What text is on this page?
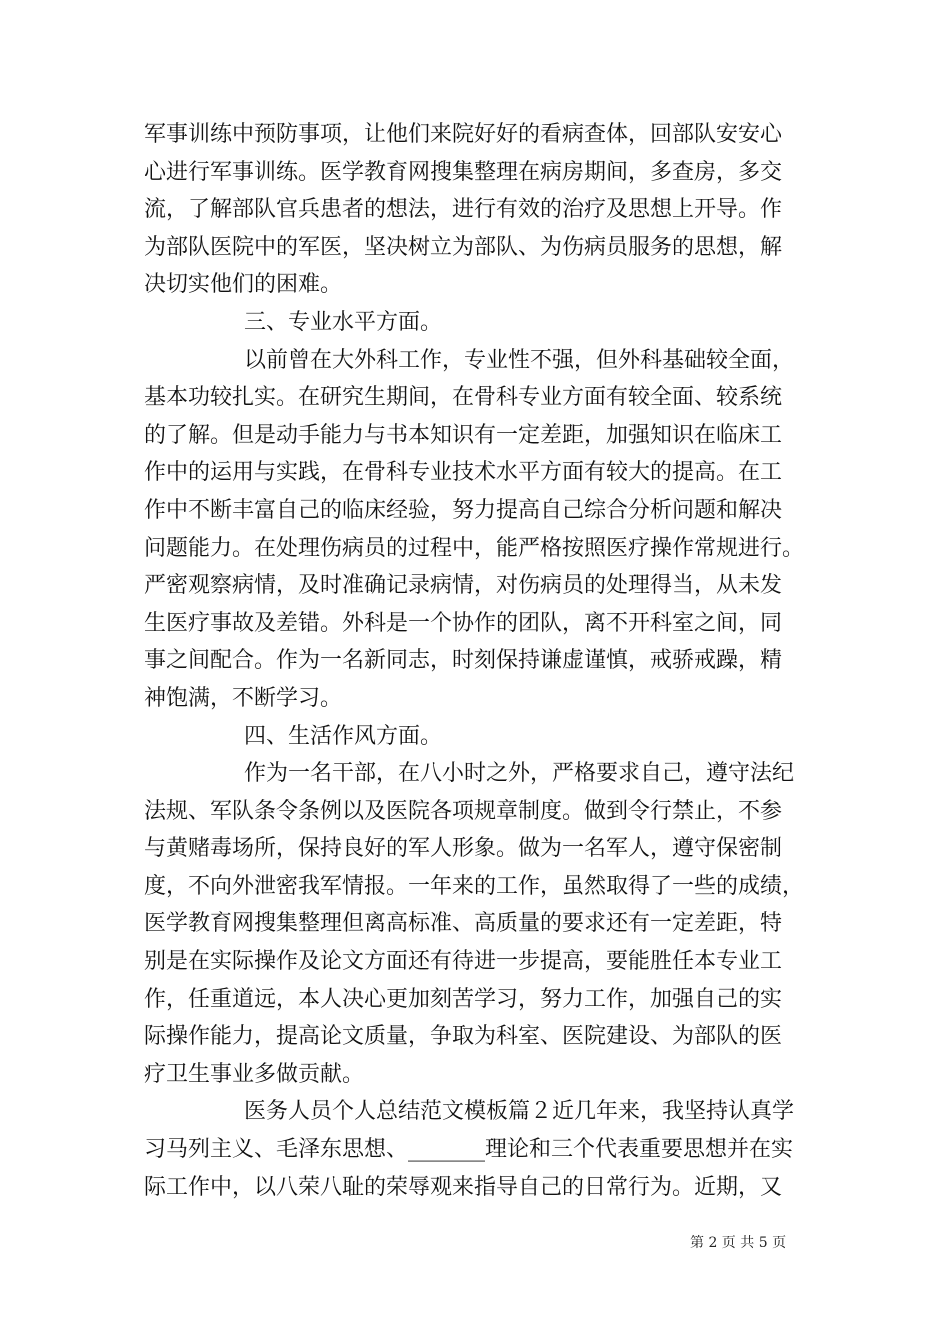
军事训练中预防事项，让他们来院好好的看病查体，回部队安安心
心进行军事训练。医学教育网搜集整理在病房期间，多查房，多交
流，了解部队官兵患者的想法，进行有效的治疗及思想上开导。作
为部队医院中的军医，坚决树立为部队、为伤病员服务的思想，解
决切实他们的困难。
三、专业水平方面。
以前曾在大外科工作，专业性不强，但外科基础较全面，
基本功较扎实。在研究生期间，在骨科专业方面有较全面、较系统
的了解。但是动手能力与书本知识有一定差距，加强知识在临床工
作中的运用与实践，在骨科专业技术水平方面有较大的提高。在工
作中不断丰富自己的临床经验，努力提高自己综合分析问题和解决
问题能力。在处理伤病员的过程中，能严格按照医疗操作常规进行。
严密观察病情，及时准确记录病情，对伤病员的处理得当，从未发
生医疗事故及差错。外科是一个协作的团队，离不开科室之间，同
事之间配合。作为一名新同志，时刻保持谦虚谨慎，戒骄戒躁，精
神饱满，不断学习。
四、生活作风方面。
作为一名干部，在八小时之外，严格要求自己，遵守法纪
法规、军队条令条例以及医院各项规章制度。做到令行禁止，不参
与黄赌毒场所，保持良好的军人形象。做为一名军人，遵守保密制
度，不向外泄密我军情报。一年来的工作，虽然取得了一些的成绩，
医学教育网搜集整理但离高标准、高质量的要求还有一定差距，特
别是在实际操作及论文方面还有待进一步提高，要能胜任本专业工
作，任重道远，本人决心更加刻苦学习，努力工作，加强自己的实
际操作能力，提高论文质量，争取为科室、医院建设、为部队的医
疗卫生事业多做贡献。
医务人员个人总结范文模板篇２近几年来，我坚持认真学
习马列主义、毛泽东思想、_______理论和三个代表重要思想并在实
际工作中，以八荣八耻的荣辱观来指导自己的日常行为。近期，又
第 2 页 共 5 页
